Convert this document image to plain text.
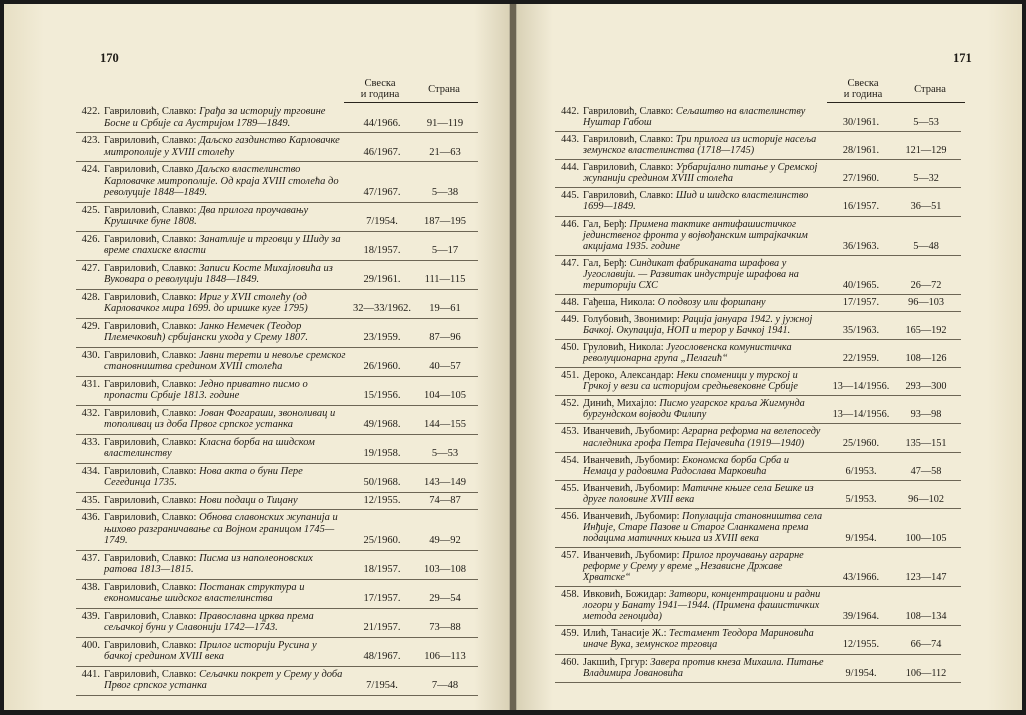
170
Свеска
и година	Страна
422. Гавриловић, Славко: Грађа за историју трговине Босне и Србије са Аустријом 1789—1849.	44/1966.	91—119
423. Гавриловић, Славко: Даљско газдинство Карловачке митрополије у XVIII столећу	46/1967.	21—63
424. Гавриловић, Славко Даљско властелинство Карловачке митрополије. Од краја XVIII столећа до револуције 1848—1849.	47/1967.	5—38
425. Гавриловић, Славко: Два прилога проучавању Крушичке буне 1808.	7/1954.	187—195
426. Гавриловић, Славко: Занатлије и трговци у Шиду за време спахиске власти	18/1957.	5—17
427. Гавриловић, Славко: Записи Косте Михајловића из Вуковара о револуцији 1848—1849.	29/1961.	111—115
428. Гавриловић, Славко: Ириг у XVII столећу (од Карловачког мира 1699. до иришке куге 1795)	32—33/1962.	19—61
429. Гавриловић, Славко: Јанко Немечек (Теодор Племечковић) србијански ухода у Срему 1807.	23/1959.	87—96
430. Гавриловић, Славко: Јавни терети и невоље сремског становништва средином XVIII столећа	26/1960.	40—57
431. Гавриловић, Славко: Једно приватно писмо о пропасти Србије 1813. године	15/1956.	104—105
432. Гавриловић, Славко: Јован Фогараши, звоноливац и тополивац из доба Првог српског устанка	49/1968.	144—155
433. Гавриловић, Славко: Класна борба на шидском властелинству	19/1958.	5—53
434. Гавриловић, Славко: Нова акта о буни Пере Сегединца 1735.	50/1968.	143—149
435. Гавриловић, Славко: Нови подаци о Тицану	12/1955.	74—87
436. Гавриловић, Славко: Обнова славонских жупанија и њихово разграничавање са Војном границом 1745—1749.	25/1960.	49—92
437. Гавриловић, Славко: Писма из наполеоновских ратова 1813—1815.	18/1957.	103—108
438. Гавриловић, Славко: Постанак структура и економисање шидског властелинства	17/1957.	29—54
439. Гавриловић, Славко: Православна црква према сељачкој буни у Славонији 1742—1743.	21/1957.	73—88
400. Гавриловић, Славко: Прилог историји Русина у бачкој средином XVIII века	48/1967.	106—113
441. Гавриловић, Славко: Сељачки покрет у Срему у доба Првог српског устанка	7/1954.	7—48
171
Свеска
и година	Страна
442. Гавриловић, Славко: Сељаштво на властелинству Нуштар Габош	30/1961.	5—53
443. Гавриловић, Славко: Три прилога из историје насеља земунског властелинства (1718—1745)	28/1961.	121—129
444. Гавриловић, Славко: Урбаријално питање у Сремској жупанији средином XVIII столећа	27/1960.	5—32
445. Гавриловић, Славко: Шид и шидско властелинство 1699—1849.	16/1957.	36—51
446. Гал, Берђ: Примена тактике антифашистичког јединственог фронта у војвођанским штрајкачким акцијама 1935. године	36/1963.	5—48
447. Гал, Берђ: Синдикат фабриканата шрафова у Југославији. — Развитак индустрије шрафова на територији СХС	40/1965.	26—72
448. Гађеша, Никола: О подвозу или форшпану	17/1957.	96—103
449. Голубовић, Звонимир: Рација јануара 1942. у јужној Бачкој. Окупација, НОП и терор у Бачкој 1941.	35/1963.	165—192
450. Груловић, Никола: Југословенска комунистичка револуционарна група „Пелагић“	22/1959.	108—126
451. Дероко, Александар: Неки споменици у турској и Грчкој у вези са историјом средњевековне Србије	13—14/1956.	293—300
452. Динић, Михајло: Писмо угарског краља Жигмунда бургундском војводи Филипу	13—14/1956.	93—98
453. Иванчевић, Љубомир: Аграрна реформа на велепоседу наследника грофа Петра Пејачевића (1919—1940)	25/1960.	135—151
454. Иванчевић, Љубомир: Економска борба Срба и Немаца у радовима Радослава Марковића	6/1953.	47—58
455. Иванчевић, Љубомир: Матичне књиге села Бешке из друге половине XVIII века	5/1953.	96—102
456. Иванчевић, Љубомир: Популација становништва села Инђије, Старе Пазове и Старог Сланкамена према подацима матичних књига из XVIII века	9/1954.	100—105
457. Иванчевић, Љубомир: Прилог проучавању аграрне реформе у Срему у време „Независне Државе Хрватске“	43/1966.	123—147
458. Ивковић, Божидар: Затвори, концентрациони и радни логори у Банату 1941—1944. (Примена фашистичких метода геноцида)	39/1964.	108—134
459. Илић, Танасије Ж.: Тестамент Теодора Мариновића иначе Вука, земунског трговца	12/1955.	66—74
460. Јакшић, Гргур: Завера против кнеза Михаила. Питање Владимира Јовановића	9/1954.	106—112
